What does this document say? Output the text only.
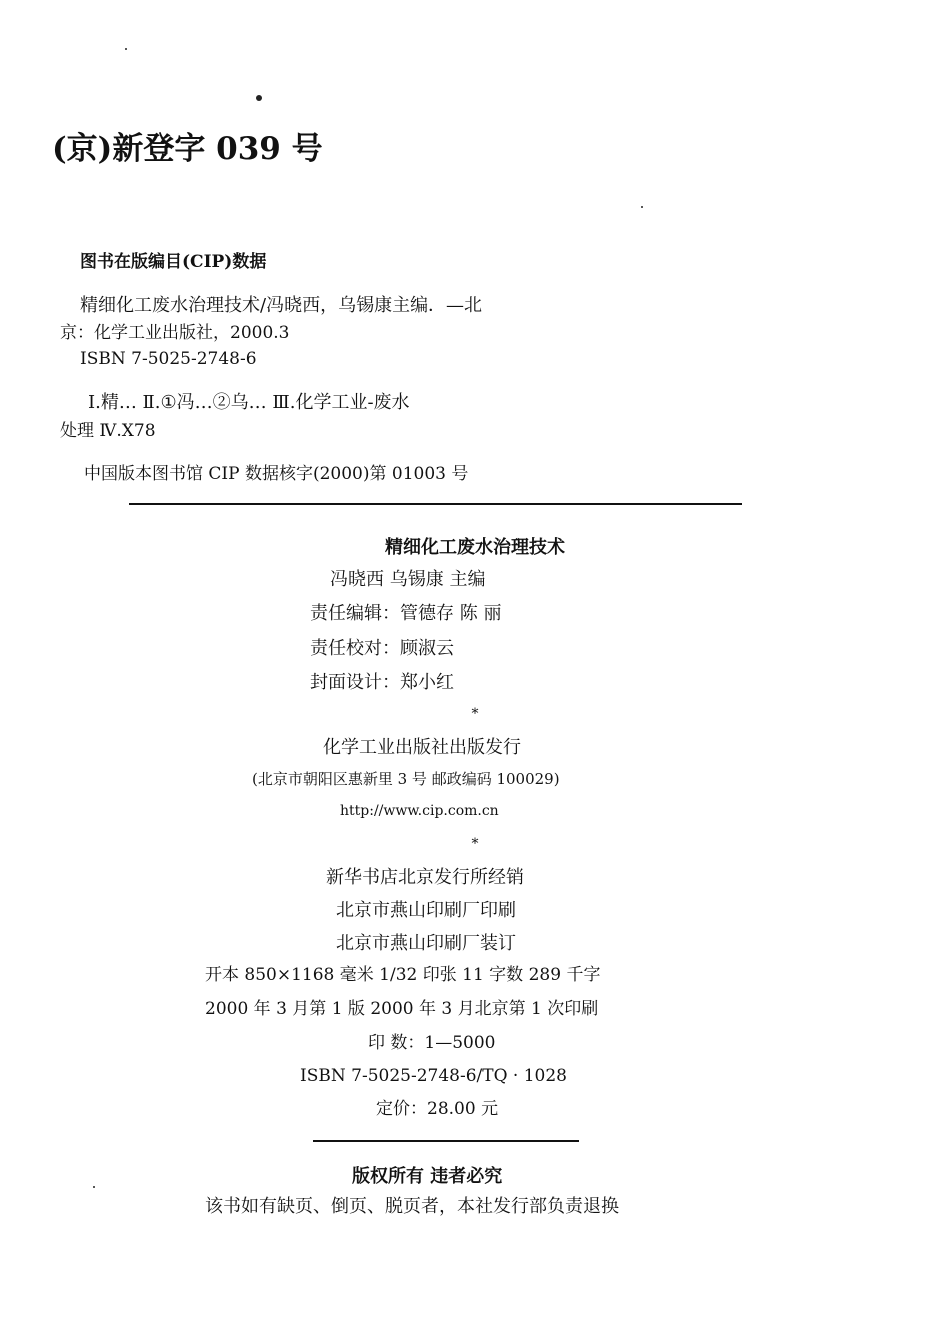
(京)新登字 039 号
图书在版编目(CIP)数据
精细化工废水治理技术/冯晓西，乌锡康主编．—北
京：化学工业出版社，2000.3
ISBN 7-5025-2748-6
Ⅰ.精… Ⅱ.①冯…②乌… Ⅲ.化学工业-废水
处理 Ⅳ.X78
中国版本图书馆 CIP 数据核字(2000)第 01003 号
精细化工废水治理技术
冯晓西 乌锡康 主编
责任编辑：管德存 陈 丽
责任校对：顾淑云
封面设计：郑小红
*
化学工业出版社出版发行
(北京市朝阳区惠新里 3 号 邮政编码 100029)
http://www.cip.com.cn
*
新华书店北京发行所经销
北京市燕山印刷厂印刷
北京市燕山印刷厂装订
开本 850×1168 毫米 1/32 印张 11 字数 289 千字
2000 年 3 月第 1 版 2000 年 3 月北京第 1 次印刷
印 数：1—5000
ISBN 7-5025-2748-6/TQ · 1028
定价：28.00 元
版权所有 违者必究
该书如有缺页、倒页、脱页者，本社发行部负责退换
